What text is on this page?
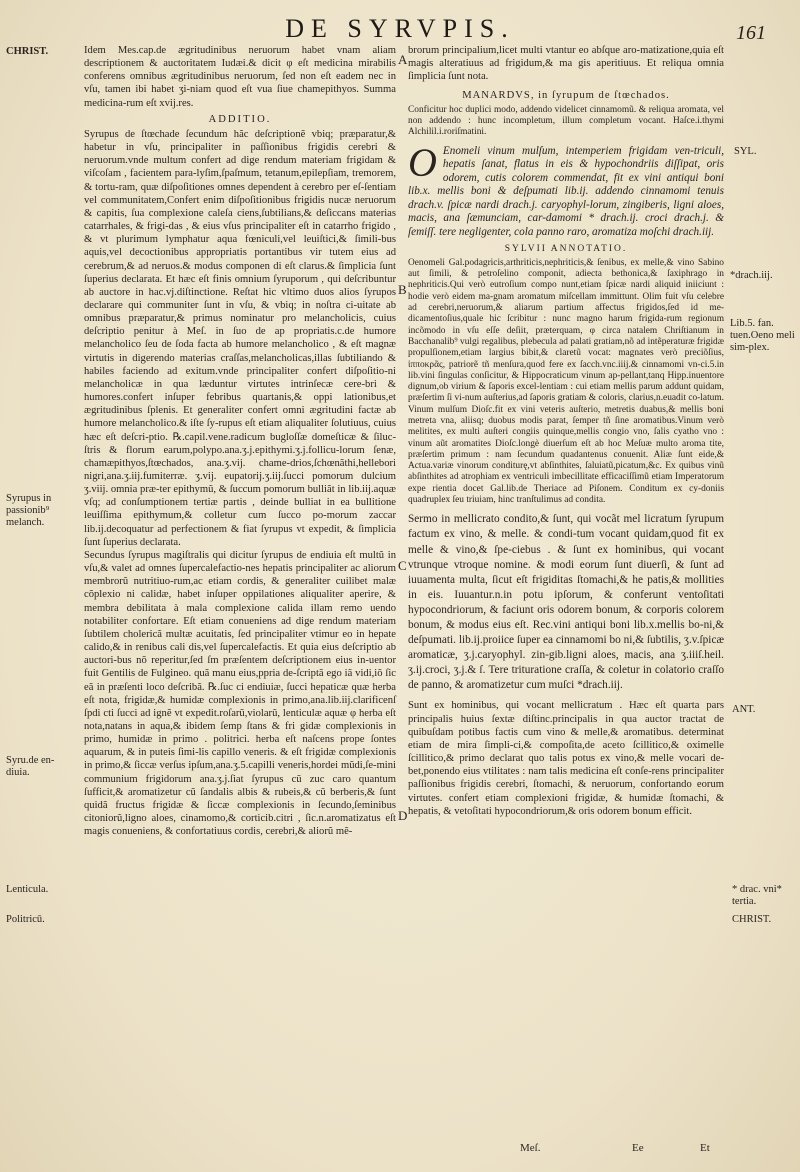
DE SYRVPIS.	161
CHRIST.
Syrupus in passionib⁹ melanch.
Syru.de en-diuia.
Lenticula.
Politricū.
SYL.
*drach.iij.
Lib.5. fan. tuen.Oeno meli sim-plex.
ANT.
* drac. vni* tertia.
CHRIST.
A
B
C
D

Idem Mes.cap.de ægritudinibus neruorum habet vnam aliam descriptionem & auctoritatem Iudæi.& dicit φ eſt medicina mirabilis conferens omnibus ægritudinibus neruorum, ſed non eſt eadem nec in vſu, tamen ibi habet ʒi-niam quod eſt vua ſiue chamepithyos. Summa medicina-rum eſt xvij.res.

ADDITIO.

Syrupus de ſtœchade ſecundum hãc deſcriptionẽ vbiq; præparatur,& habetur in vſu, principaliter in paſſionibus frigidis cerebri & neruorum.vnde multum confert ad dige rendum materiam frigidam & viſcoſam , facientem para-lyſim,ſpaſmum, tetanum,epilepſiam, tremorem, & tortu-ram, quæ diſpoſitiones omnes dependent à cerebro per eſ-ſentiam vel communitatem,Confert enim diſpoſitionibus frigidis nucæ neruorum & capitis, ſua complexione caleſa ciens,ſubtilians,& deſiccans materias catarrhales, & frigi-das , & eius vſus principaliter eſt in catarrho frigido , & vt plurimum lymphatur aqua fœniculi,vel leuiſtici,& ſimili-bus aquis,vel decoctionibus appropriatis portantibus vir tutem eius ad cerebrum,& ad neruos.& modus componen di eſt clarus.& ſimplicia ſunt ſuperius declarata. Et hæc eſt finis omnium ſyruporum , qui deſcribuntur ab auctore in hac.vj.diſtinctione. Reſtat hic vltimo duos alios ſyrupos declarare qui communiter ſunt in vſu, & vbiq; in noſtra ci-uitate ab omnibus præparatur,& primus nominatur pro melancholicis, cuius deſcriptio penitur à Meſ. in ſuo de ap propriatis.c.de humore melancholico ſeu de ſoda facta ab humore melancholico , & eſt magnæ virtutis in digerendo materias craſſas,melancholicas,illas ſubtiliando & habiles faciendo ad exitum.vnde principaliter confert diſpoſitio-ni melancholicæ in qua læduntur virtutes intrinſecæ cere-bri & humores.confert inſuper febribus quartanis,& oppi lationibus,et ægritudinibus ſplenis. Et generaliter confert omni ægritudini factæ ab humore melancholico.& iſte ſy-rupus eſt etiam aliqualiter ſolutiuus, cuius hæc eſt deſcri-ptio. ℞.capil.vene.radicum bugloſſæ domeſticæ & ſiluc-ſtris & florum earum,polypo.ana.ʒ.j.epithymi.ʒ.j.follicu-lorum ſenæ, chamæpithyos,ſtœchados, ana.ʒ.vij. chame-drios,ſchœnãthi,hellebori nigri,ana.ʒ.iij.fumiterræ. ʒ.vij. eupatorij.ʒ.iij.ſucci pomorum dulcium ʒ.viij. omnia præ-ter epithymũ, & ſuccum pomorum bulliãt in lib.iij.aquæ vſq; ad conſumptionem tertiæ partis , deinde bulliat in ea bullitione leuiſſima epithymum,& colletur cum ſucco po-morum zaccar lib.ij.decoquatur ad perfectionem & fiat ſyrupus vt expedit, & ſimplicia ſunt ſuperius declarata.

Secundus ſyrupus magiſtralis qui dicitur ſyrupus de endiuia eſt multũ in vſu,& valet ad omnes ſupercalefactio-nes hepatis principaliter ac aliorum membrorũ nutritiuo-rum,ac etiam cordis, & generaliter cuilibet malæ cõplexio ni calidæ, habet inſuper oppilationes aliqualiter aperire, & membra debilitata à mala complexione calida illam remo uendo notabiliter confortare. Eſt etiam conueniens ad dige rendum materiam ſubtilem cholericã multæ acuitatis, ſed principaliter vtimur eo in hepate calido,& in renibus cali dis,vel ſupercalefactis. Et quia eius deſcriptio ab auctori-bus nõ reperitur,ſed ſm præſentem deſcriptionem eius in-uentor fuit Gentilis de Fulgineo. quã manu eius,ppria de-ſcriptã ego iã vidi,iõ ſic eã in præſenti loco deſcribã. ℞.ſuc ci endiuiæ, ſucci hepaticæ quæ herba eſt nota, frigidæ,& humidæ complexionis in primo,ana.lib.iij.clarificenſ ſpdi cti ſucci ad ignẽ vt expedit.roſarũ,violarũ, lenticulæ aquæ φ herba eſt nota,natans in aqua,& ibidem ſemp ſtans & fri gidæ complexionis in primo, humidæ in primo . politrici. herba eſt naſcens prope ſontes aquarum, & in puteis ſimi-lis capillo veneris. & eſt frigidæ complexionis in primo,& ſiccæ verſus ipſum,ana.ʒ.5.capilli veneris,hordei mũdi,ſe-mini communium frigidorum ana.ʒ.j.ſiat ſyrupus cũ zuc caro quantum ſufficit,& aromatizetur cũ ſandalis albis & rubeis,& cũ berberis,& ſunt quidã fructus frigidæ & ſiccæ complexionis in ſecundo,ſeminibus citoniorũ,ligno aloes, cinamomo,& corticib.citri , ſic.n.aromatizatus eſt magis conueniens, & confortatiuus cordis, cerebri,& aliorũ mẽ-

brorum principalium,licet multi vtantur eo abſque aro-matizatione,quia eſt magis alteratiuus ad frigidum,& ma gis aperitiuus. Et reliqua omnia ſimplicia ſunt nota.

MANARDVS, in ſyrupum de ſtœchados.

Conficitur hoc duplici modo, addendo videlicet cinnamomũ. & reliqua aromata, vel non addendo : hunc incompletum, illum completum vocant. Haſce.i.thymi Alchilil.i.roriſmatini.

O Enomeli vinum mulſum, intemperiem frigidam ven-triculi, hepatis ſanat, flatus in eis & hypochondriis diſſipat, oris odorem, cutis colorem commendat, fit ex vini antiqui boni lib.x. mellis boni & deſpumati lib.ij. addendo cinnamomi tenuis drach.v. ſpicæ nardi drach.j. caryophyl-lorum, zingiberis, ligni aloes, macis, ana ſæmunciam, car-damomi * drach.ij. croci drach.j. & ſemiſſ. tere negligenter, cola panno raro, aromatiza moſchi drach.iij.

SYLVII ANNOTATIO.

Oenomeli Gal.podagricis,arthriticis,nephriticis,& ſenibus, ex melle,& vino Sabino aut ſimili, & petroſelino componit, adiecta bethonica,& ſaxiphrago in nephriticis.Qui verò eutroſium compo nunt,etiam ſpicæ nardi aliquid iniiciunt : hodie verò eidem ma-gnam aromatum miſcellam immittunt. Olim fuit vſu celebre ad cerebri,neruorum,& aliarum partium affectus frigidos,ſed id me-dicamentoſius,quale hic ſcribitur : nunc magno harum frigida-rum regionum incõmodo in vſu eſſe deſiit, præterquam, φ circa natalem Chriſtianum in Bacchanalib⁹ vulgi regalibus, plebecula ad palati gratiam,nõ ad intẽperaturæ frigidæ propulſionem,etiam largius bibit,& claretũ vocat: magnates verò preciõſius, ἱπποκρᾶς, patriorẽ tñ menſura,quod fere ex ſacch.vnc.iiij.& cinnamomi vn-ci.5.in lib.vini ſingulas conſicitur, & Hippocraticum vinum ap-pellant,tanq Hipp.inuentore dignum,ob virium & ſaporis excel-lentiam : cui etiam mellis parum addunt quidam, præſertim ſi vi-num auſterius,ad ſaporis gratiam & coloris, clarius,n.euadit co-latum. Vinum mulſum Dioſc.fit ex vini veteris auſterio, metretis duabus,& mellis boni metreta vna, aliisq; duobus modis parat, ſemper tñ ſine aromatibus.Vinum verò melitites, ex multi auſteri congiis quinque,mellis congio vno, ſalis cyatho vno : vinum aũt aromatites Dioſc.longè diuerſum eſt ab hoc Meſuæ multo aroma tite, præſertim primum : nam ſecundum quadantenus conuenit. Aliæ ſunt eide,& Actua.variæ vinorum conditurę,vt abſinthites, ſaluiatũ,picatum,&c. Ex quibus vinũ abſinthites ad atrophiam ex ventriculi imbecillitate efficaciſſimũ etiam Imperatorum expe rientia docet Gal.lib.de Theriace ad Piſonem. Conditum ex cy-doniis quadruplex ſeu triuiam, hinc tranſtulimus ad condita.

Sermo in mellicrato condito,& ſunt, qui vocãt mel licratum ſyrupum factum ex vino, & melle. & condi-tum vocant quidam,quod fit ex melle & vino,& ſpe-ciebus . & ſunt ex hominibus, qui vocant vtrunque vtroque nomine. & modi eorum ſunt diuerſi, & ſunt ad iuuamenta multa, ſicut eſt frigiditas ſtomachi,& he patis,& mollities in eis. Iuuantur.n.in potu ipſorum, & conferunt ventoſitati hypocondriorum, & faciunt oris odorem bonum, & corporis colorem bonum, & modus eius eſt. Rec.vini antiqui boni lib.x.mellis bo-ni,& deſpumati. lib.ij.proiice ſuper ea cinnamomi bo ni,& ſubtilis, ʒ.v.ſpicæ aromaticæ, ʒ.j.caryophyl. zin-gib.ligni aloes, macis, ana ʒ.iiiſ.heil. ʒ.ij.croci, ʒ.j.& ſ. Tere trituratione craſſa, & coletur in colatorio craſſo de panno, & aromatizetur cum muſci *drach.iij.

Sunt ex hominibus, qui vocant mellicratum . Hæc eſt quarta pars principalis huius ſextæ diſtinc.principalis in qua auctor tractat de quibuſdam potibus factis cum vino & melle,& aromatibus. determinat etiam de mira ſimpli-ci,& compoſita,de aceto ſcillitico,& oximelle ſcillitico,& primo declarat quo talis potus ex vino,& melle vocari de-bet,ponendo eius vtilitates : nam talis medicina eſt conſe-rens principaliter paſſionibus frigidis cerebri, ſtomachi, & neruorum, confortando eorum virtutes. confert etiam complexioni frigidæ, & humidæ ſtomachi, & hepatis, & vetoſitati hypocondriorum,& oris odorem bonum efficit.

Meſ.	Ee	Et
